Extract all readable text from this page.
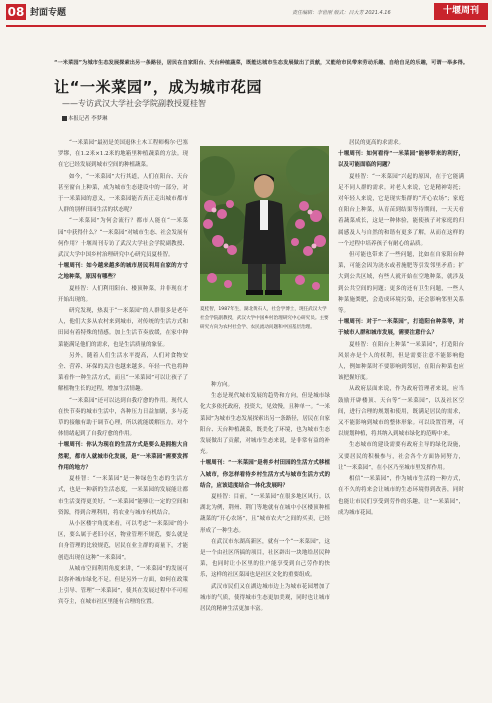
08 封面专题	责任编辑：李世刚 版式：吕大芳 2021.4.16	十堰周刊
“一米菜园”为城市生态发展探索出另一条路径，居民在自家阳台、天台种植蔬菜，既能达城市生态发展做出了贡献，又能给市民带来劳动乐趣、自给自足的乐趣，可谓一举多得。
让“一米菜园”，成为城市花园
——专访武汉大学社会学院副教授夏桂智
本报记者 李梦琳

“一米菜园”最初是美国退休土木工程师梅尔·巴塞罗缪，在1.2米×1.2米的地箱里种植蔬菜的方法。现在它已经发展到城市空间的种植蔬菜。

如今，“一米菜园”大行其道，人们在阳台、天台甚至窗台上种菜，成为城市生态建设中的一部分，对于一米菜园的意义，一米菜园能否真正走出城市都市人群的别样田园生活的状态呢？

“一米菜园”为何会流行？都市人能在“一米菜园”中获得什么？“一米菜园”对城市生态、社会发展有何作用？十堰周刊专访了武汉大学社会学院副教授、武汉大学中国乡村治理研究中心研究员夏桂智。

十堰周刊：如今越来越多的城市居民利用自家的方寸之地种菜，原因有哪些？

夏桂智：人们利用阳台、楼顶种菜，并非现在才开始出现的。

研究发现，热衷于“一米菜园”的人群很多是老年人，他们大多从农村来到城市，对传统的生活方式和田园有着特殊的情感。加上生活节奏放缓，在家中种菜能满足他们的需求，也是生活质量的象征。

另外，随着人们生活水平提高，人们对食物安全、营养、环保的关注也越来越多。年轻一代也将种菜看作一种生活方式，而且“一米菜园”可以让孩子了解植物生长的过程，增加生活情趣。

“一米菜园”还可以达到自我疗愈的作用。现代人在快节奏的城市生活中，各种压力日益加剧，多与花草的接触有助于调节心理，所以就能缓解压力。对个体情绪起到了自我疗愈的作用。

十堰周刊：你认为现在的生活方式是要么是拥抱大自然呢，都市人就城市化发展，是“一米菜园”需要发挥作用的地方？

夏桂智：“一米菜园”是一种绿色生态的生活方式，也是一种新的生活态度，一米菜园的发展能让都市生活变得更美好。“一米菜园”能够让一定的空间和资源，得到合理利用，将农业与城市有机结合。

从小区楼宇角度来看，可以考虑“一米菜园”的小区，要么属于老旧小区，物业管理不规范，要么就是自身管理的比较规范，居民在业主群的商量下，才能创造出现在这种“一米菜园”。

从城市空间利用角度来讲，“一米菜园”的发展可以弥补城市绿化不足。但是另外一方面，如何在政策上引导、管理“一米菜园”，使其在发展过程中不可喧宾夺主，在城市社区里能有合理的位置。

夏桂智，1987年生，湖北黄石人，社会学博士，现任武汉大学社会学院副教授，武汉大学中国乡村治理研究中心研究员。主要研究方向为农村社会学、农民流动问题和中国基层治理。

种方向。

生态是现代城市发展的趋势和方向，但是城市绿化大多依托政府，投资大，见效慢，且种单一。“一米菜园”为城市生态发展探索出另一条路径，居民在自家阳台、天台种植蔬菜，既美化了环境，也为城市生态发展做出了贡献，对城市生态来说，是非常有益的补充。

十堰周刊：“一米菜园”是将乡村田园的生活方式移植入城市，你怎样看待乡村生活方式与城市生活方式的结合，应该适度结合一体化发展吗？

夏桂智：目前，“一米菜园”在很多地区风行。以湖北为例，荆州、荆门等地就有在城中小区楼顶种植蔬菜的“开心农场”，且“城市农夫”之间的买卖，已经形成了一种生态。

在武汉市东湖高新区，就有一个“一米菜园”，这是一个由社区所搞的项目，社区辟出一块地给居民种菜，也同时让小区里的住户能享受到自己劳作的快乐，这样的社区菜园也是社区文化的重要组成。

武汉市民们又在湖边城市边上为城市花园增加了城市的气质，使得城市生态更加美观，同时也让城市居民的精神生活更加丰富。

居民的更高的求需求。

十堰周刊：如何看待“一米菜园”能够带来的利好，以及可能面临的问题？

夏桂智：“一米菜园”兴起的原因，在于它能满足不同人群的需求。对老人来说，它是精神寄托；对年轻人来说，它是现实集群的“开心农场”；家庭在阳台上种菜，从育苗到结果等待期间，一天天看着蔬菜成长，这是一种体验，能使孩子对家庭的归属感及人与自然的和谐有更多了解，从而在这样的一个过程中培养孩子有耐心的品质。

但可能也带来了一些问题，比如在自家阳台种菜，可能会因为浇水或者施肥等引发邻里矛盾；扩大到公共区域，有些人就开始在空地种菜，就涉及到公共空间的问题；更多的还有卫生问题，一些人种菜施粪肥，会造成环境污染，还会影响邻里关系等。

十堰周刊：对于“一米菜园”，打造阳台种菜等，对于城市人群和城市发展，需要注意什么？

夏桂智：在阳台上种菜“一米菜园”，打造阳台风景亦是个人的权利，但是需要注意不能影响他人，例如种菜时不要影响到邻居，在阳台种菜也应该把握好度。

从政府层面来说，作为政府管理者来说，应当鼓励开辟楼顶、天台等“一米菜园”，以及社区空间，进行合理的规划和使用，既满足居民的需求，又不能影响到城市的整体形象。可以设置管理，可以规划种植，将其纳入到城市绿化的范畴中来。

生态城市的建设需要有政府主导的绿化设施，又要居民的积极参与，社会各个方面协同努力，让“一米菜园”，在小区乃至城市里发挥作用。

相信“一米菜园”，作为城市生活的一种方式，在不久的将来会让城市的生态环境得到改善，同时也能让市民们享受到劳作的乐趣，让“一米菜园”，成为城市花园。
